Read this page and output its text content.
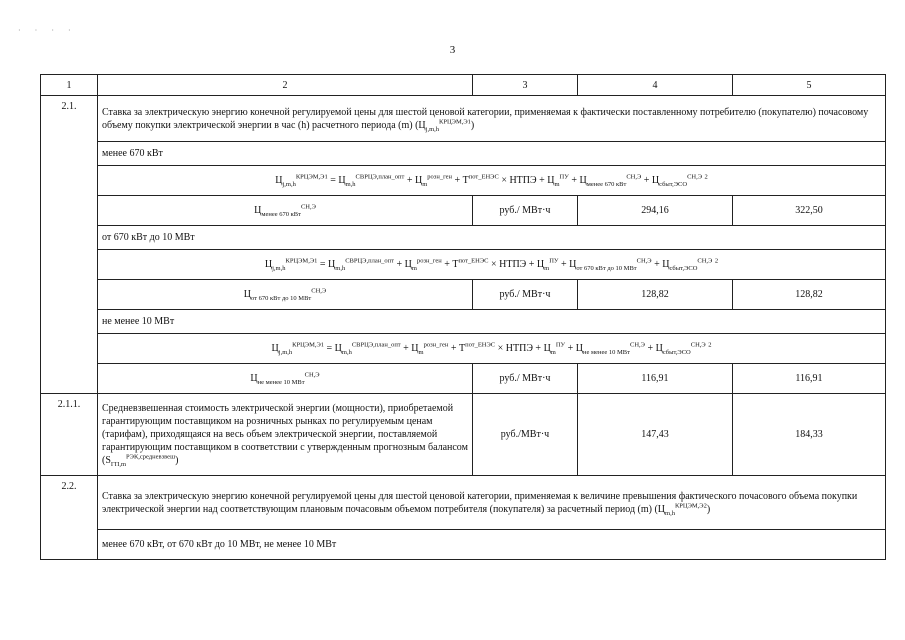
· · · ·
3
1	2	3	4	5
2.1.	Ставка за электрическую энергию конечной регулируемой цены для шестой ценовой категории, применяемая к фактически поставленному потребителю (покупателю) почасовому объему покупки электрической энергии в час (h) расчетного периода (m) $(Ц_{j,m,h}^{КРЦЭМ,Э1})$			
	менее 670 кВт			
	$Ц_{j,m,h}^{КРЦЭМ,Э1} = Ц_{m,h}^{СВРЦЭ,план\_опт} + Ц_m^{розн\_ген} + T^{пот\_ЕНЭС}$ × НТПЭ + $Ц_m^{ПУ} + Ц_{менее 670 кВт}^{СН,Э} + Ц_{сбыт,ЭСО}^{СН,Э}$ $^2$
	$Ц_{менее 670 кВт}^{СН,Э}$	руб./ МВт·ч	294,16	322,50
	от 670 кВт до 10 МВт			
	$Ц_{j,m,h}^{КРЦЭМ,Э1} = Ц_{m,h}^{СВРЦЭ,план\_опт} + Ц_m^{розн\_ген} + T^{пот\_ЕНЭС}$ × НТПЭ + $Ц_m^{ПУ} + Ц_{от 670 кВт до 10 МВт}^{СН,Э} + Ц_{сбыт,ЭСО}^{СН,Э}$ $^2$
	$Ц_{от 670 кВт до 10 МВт}^{СН,Э}$	руб./ МВт·ч	128,82	128,82
	не менее 10 МВт			
	$Ц_{j,m,h}^{КРЦЭМ,Э1} = Ц_{m,h}^{СВРЦЭ,план\_опт} + Ц_m^{розн\_ген} + T^{пот\_ЕНЭС}$ × НТПЭ + $Ц_m^{ПУ} + Ц_{не менее 10 МВт}^{СН,Э} + Ц_{сбыт,ЭСО}^{СН,Э}$ $^2$
	$Ц_{не менее 10 МВт}^{СН,Э}$	руб./ МВт·ч	116,91	116,91
2.1.1.	Средневзвешенная стоимость электрической энергии (мощности), приобретаемой гарантирующим поставщиком на розничных рынках по регулируемым ценам (тарифам), приходящаяся на весь объем электрической энергии, поставляемой гарантирующим поставщиком в соответствии с утвержденным прогнозным балансом $(S_{ГП,m}^{РЭК,средневзвеш})$	руб./МВт·ч	147,43	184,33
2.2.	Ставка за электрическую энергию конечной регулируемой цены для шестой ценовой категории, применяемая к величине превышения фактического почасового объема покупки электрической энергии над соответствующим плановым почасовым объемом потребителя (покупателя) за расчетный период (m) $(Ц_{m,h}^{КРЦЭМ,Э2})$			
	менее 670 кВт, от 670 кВт до 10 МВт, не менее 10 МВт			
